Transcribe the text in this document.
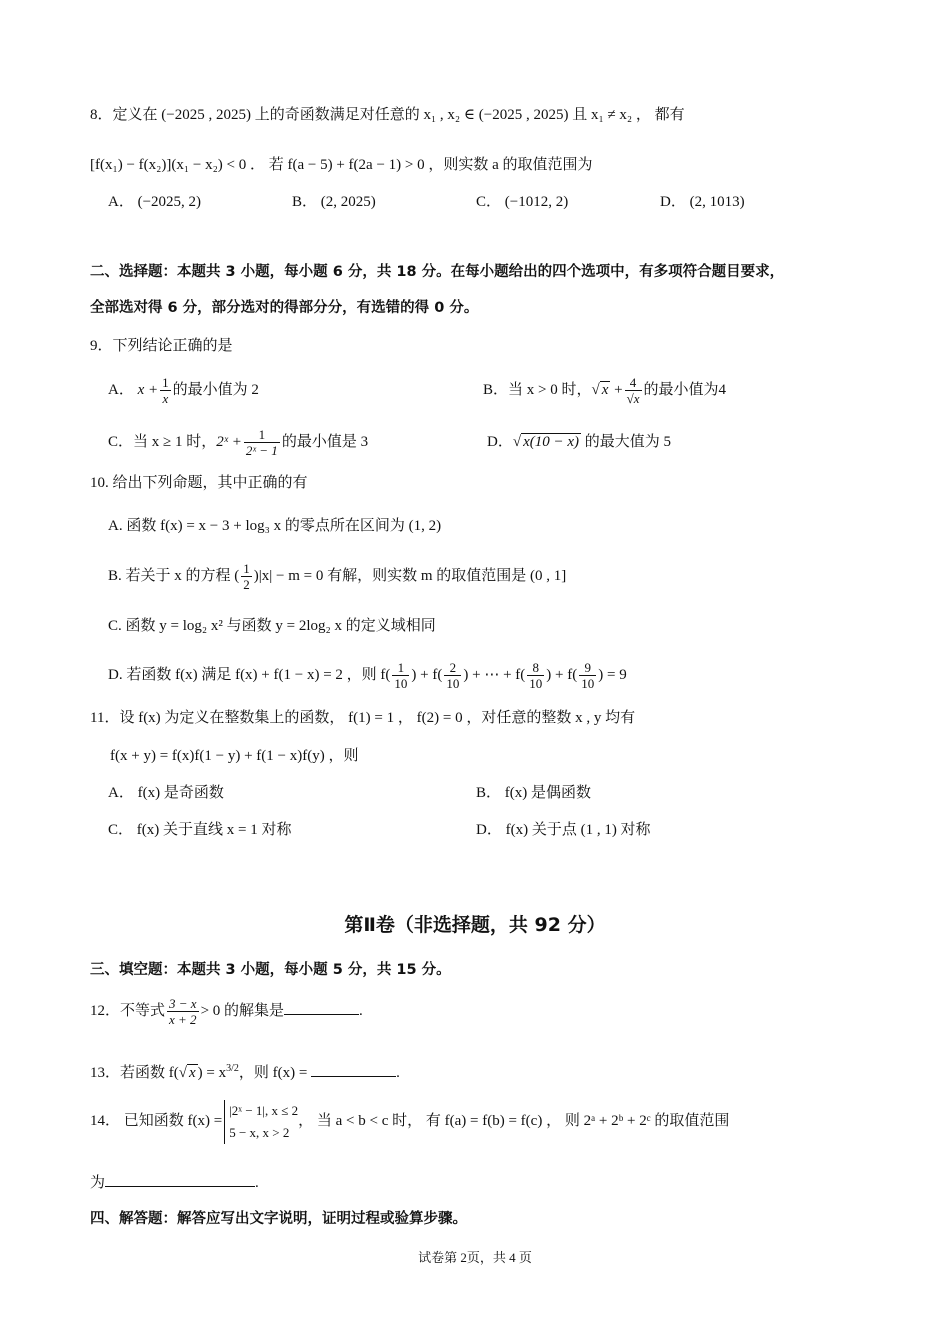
8．定义在 (−2025 , 2025) 上的奇函数满足对任意的 x₁ , x₂ ∈ (−2025 , 2025) 且 x₁ ≠ x₂ ， 都有
[f(x₁) − f(x₂)](x₁ − x₂) < 0 ． 若 f(a − 5) + f(2a − 1) > 0 ，则实数 a 的取值范围为
A． (−2025, 2)	B． (2, 2025)	C． (−1012, 2)	D． (2, 1013)
二、选择题：本题共 3 小题，每小题 6 分，共 18 分。在每小题给出的四个选项中，有多项符合题目要求，
全部选对得 6 分，部分选对的得部分分，有选错的得 0 分。
9．下列结论正确的是
A． $x + \frac{1}{x}$ 的最小值为 2	B．当 x > 0 时，√ $x + \frac{4}{√x}$ 的最小值为4
C．当 x ≥ 1 时，2ˣ + $\frac{1}{\text{2ˣ − 1}}$ 的最小值是 3	D．√ x(10 − x) 的最大值为 5
10. 给出下列命题，其中正确的有
A. 函数 f(x) = x − 3 + log₃ x 的零点所在区间为 (1, 2)
B. 若关于 x 的方程 ( $\frac{1}{2} )|x| - m = 0$ 有解，则实数 m 的取值范围是 (0 , 1]
C. 函数 y = log₂ x² 与函数 y = 2log₂ x 的定义域相同
D. 若函数 f(x) 满足 f(x) + f(1 − x) = 2 ，则 $f( \frac{1}{10}$ ) + $f( \frac{2}{10}$ ) + ⋯ + $f( \frac{8}{10}$ ) + $f( \frac{9}{10}$ ) = 9
11．设 f(x) 为定义在整数集上的函数， f(1) = 1 ， f(2) = 0 ，对任意的整数 x , y 均有
f(x + y) = f(x)f(1 − y) + f(1 − x)f(y) ，则
A． f(x) 是奇函数	B． f(x) 是偶函数
C． f(x) 关于直线 x = 1 对称	D． f(x) 关于点 (1 , 1) 对称
第Ⅱ卷（非选择题，共 92 分）
三、填空题：本题共 3 小题，每小题 5 分，共 15 分。
12．不等式 $\frac{3 - x}{x + 2} > 0$ 的解集是	.
13．若函数 f(√ x ) = $x^{3/2}$，则 f(x) =	.
14． 已知函数 f(x) =
|2ˣ − 1|, x ≤ 2
5 − x, x > 2
， 当 a < b < c 时， 有 f(a) = f(b) = f(c) ， 则 2ᵃ + 2ᵇ + 2ᶜ 的取值范围
为	.
四、解答题：解答应写出文字说明，证明过程或验算步骤。
试卷第 2页，共 4 页
